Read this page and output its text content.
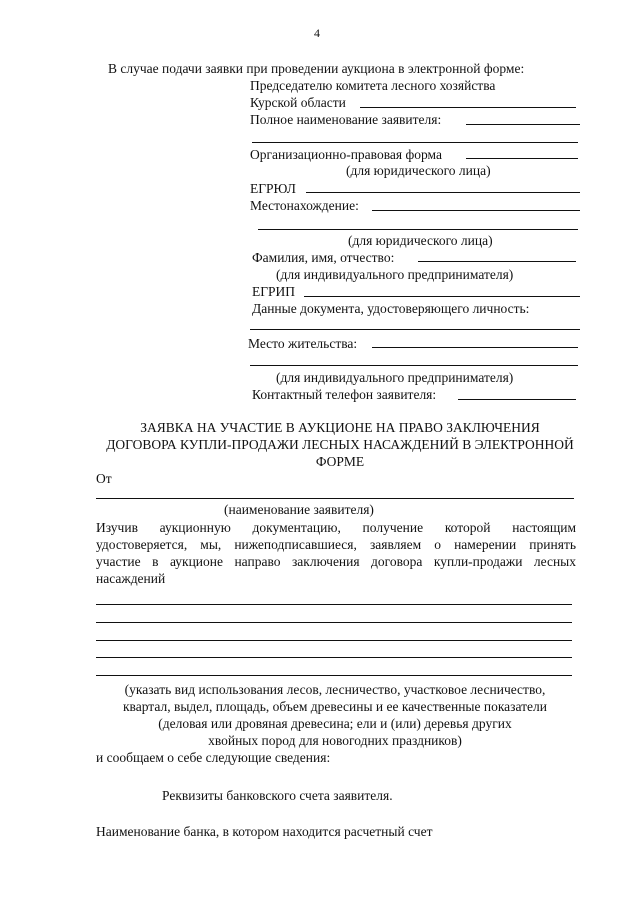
4
В случае подачи заявки при проведении аукциона в электронной форме:
Председателю комитета лесного хозяйства
Курской области
Полное наименование заявителя:
Организационно-правовая форма
(для юридического лица)
ЕГРЮЛ
Местонахождение:
(для юридического лица)
Фамилия, имя, отчество:
(для индивидуального предпринимателя)
ЕГРИП
Данные документа, удостоверяющего личность:
Место жительства:
(для индивидуального предпринимателя)
Контактный телефон заявителя:
ЗАЯВКА НА УЧАСТИЕ В АУКЦИОНЕ НА ПРАВО ЗАКЛЮЧЕНИЯ
ДОГОВОРА КУПЛИ-ПРОДАЖИ ЛЕСНЫХ НАСАЖДЕНИЙ В ЭЛЕКТРОННОЙ
ФОРМЕ
От
(наименование заявителя)
Изучив аукционную документацию, получение которой настоящим
удостоверяется, мы, нижеподписавшиеся, заявляем о намерении принять
участие в аукционе направо заключения договора купли-продажи лесных
насаждений
(указать вид использования лесов, лесничество, участковое лесничество,
квартал, выдел, площадь, объем древесины и ее качественные показатели
(деловая или дровяная древесина; ели и (или) деревья других
хвойных пород для новогодних праздников)
и сообщаем о себе следующие сведения:
Реквизиты банковского счета заявителя.
Наименование банка, в котором находится расчетный счет
